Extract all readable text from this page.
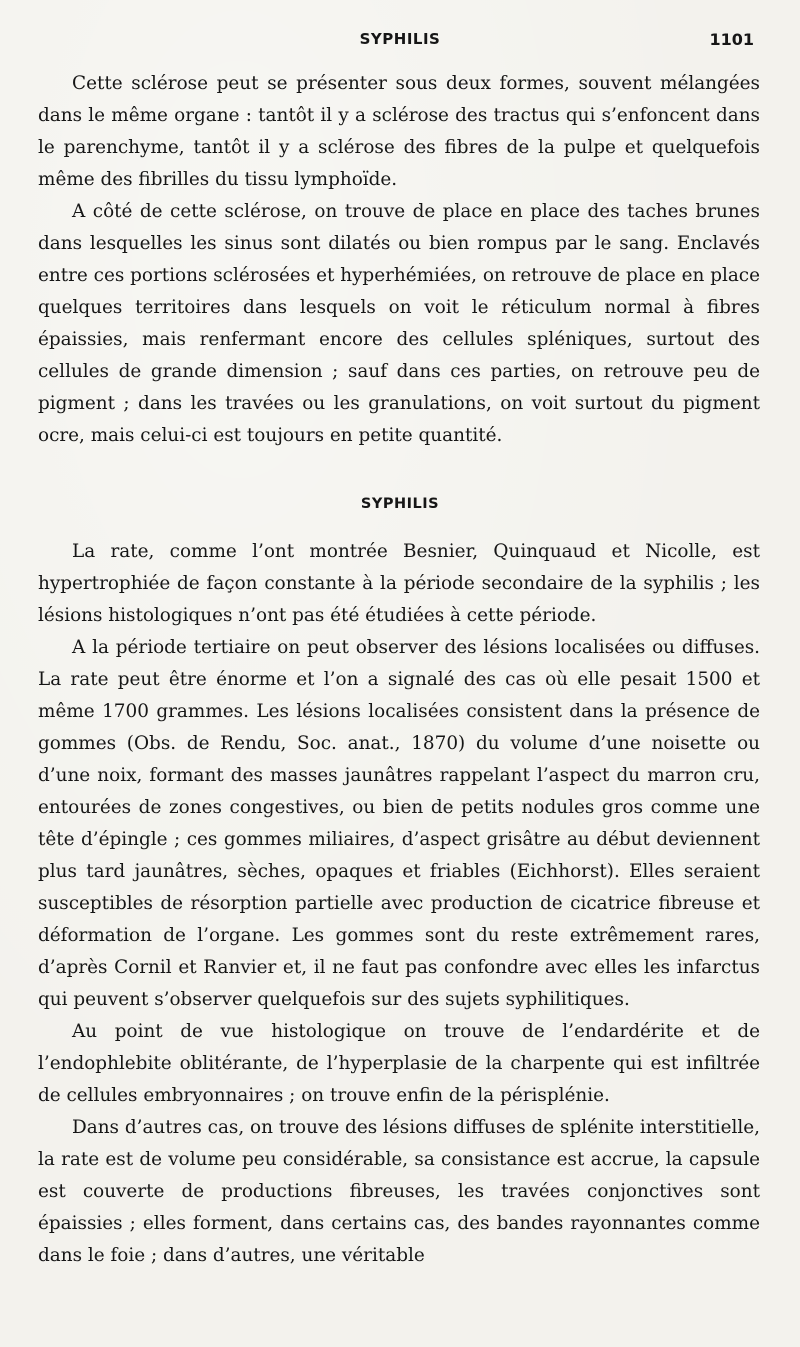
SYPHILIS	1101

Cette sclérose peut se présenter sous deux formes, souvent mélangées dans le même organe : tantôt il y a sclérose des tractus qui s’enfoncent dans le parenchyme, tantôt il y a sclérose des fibres de la pulpe et quelquefois même des fibrilles du tissu lymphoïde.

A côté de cette sclérose, on trouve de place en place des taches brunes dans lesquelles les sinus sont dilatés ou bien rompus par le sang. Enclavés entre ces portions sclérosées et hyperhémiées, on retrouve de place en place quelques territoires dans lesquels on voit le réticulum normal à fibres épaissies, mais renfermant encore des cellules spléniques, surtout des cellules de grande dimension ; sauf dans ces parties, on retrouve peu de pigment ; dans les travées ou les granulations, on voit surtout du pigment ocre, mais celui-ci est toujours en petite quantité.

SYPHILIS

La rate, comme l’ont montrée Besnier, Quinquaud et Nicolle, est hypertrophiée de façon constante à la période secondaire de la syphilis ; les lésions histologiques n’ont pas été étudiées à cette période.

A la période tertiaire on peut observer des lésions localisées ou diffuses. La rate peut être énorme et l’on a signalé des cas où elle pesait 1500 et même 1700 grammes. Les lésions localisées consistent dans la présence de gommes (Obs. de Rendu, Soc. anat., 1870) du volume d’une noisette ou d’une noix, formant des masses jaunâtres rappelant l’aspect du marron cru, entourées de zones congestives, ou bien de petits nodules gros comme une tête d’épingle ; ces gommes miliaires, d’aspect grisâtre au début deviennent plus tard jaunâtres, sèches, opaques et friables (Eichhorst). Elles seraient susceptibles de résorption partielle avec production de cicatrice fibreuse et déformation de l’organe. Les gommes sont du reste extrêmement rares, d’après Cornil et Ranvier et, il ne faut pas confondre avec elles les infarctus qui peuvent s’observer quelquefois sur des sujets syphilitiques.

Au point de vue histologique on trouve de l’endardérite et de l’endophlebite oblitérante, de l’hyperplasie de la charpente qui est infiltrée de cellules embryonnaires ; on trouve enfin de la périsplénie.

Dans d’autres cas, on trouve des lésions diffuses de splénite interstitielle, la rate est de volume peu considérable, sa consistance est accrue, la capsule est couverte de productions fibreuses, les travées conjonctives sont épaissies ; elles forment, dans certains cas, des bandes rayonnantes comme dans le foie ; dans d’autres, une véritable
